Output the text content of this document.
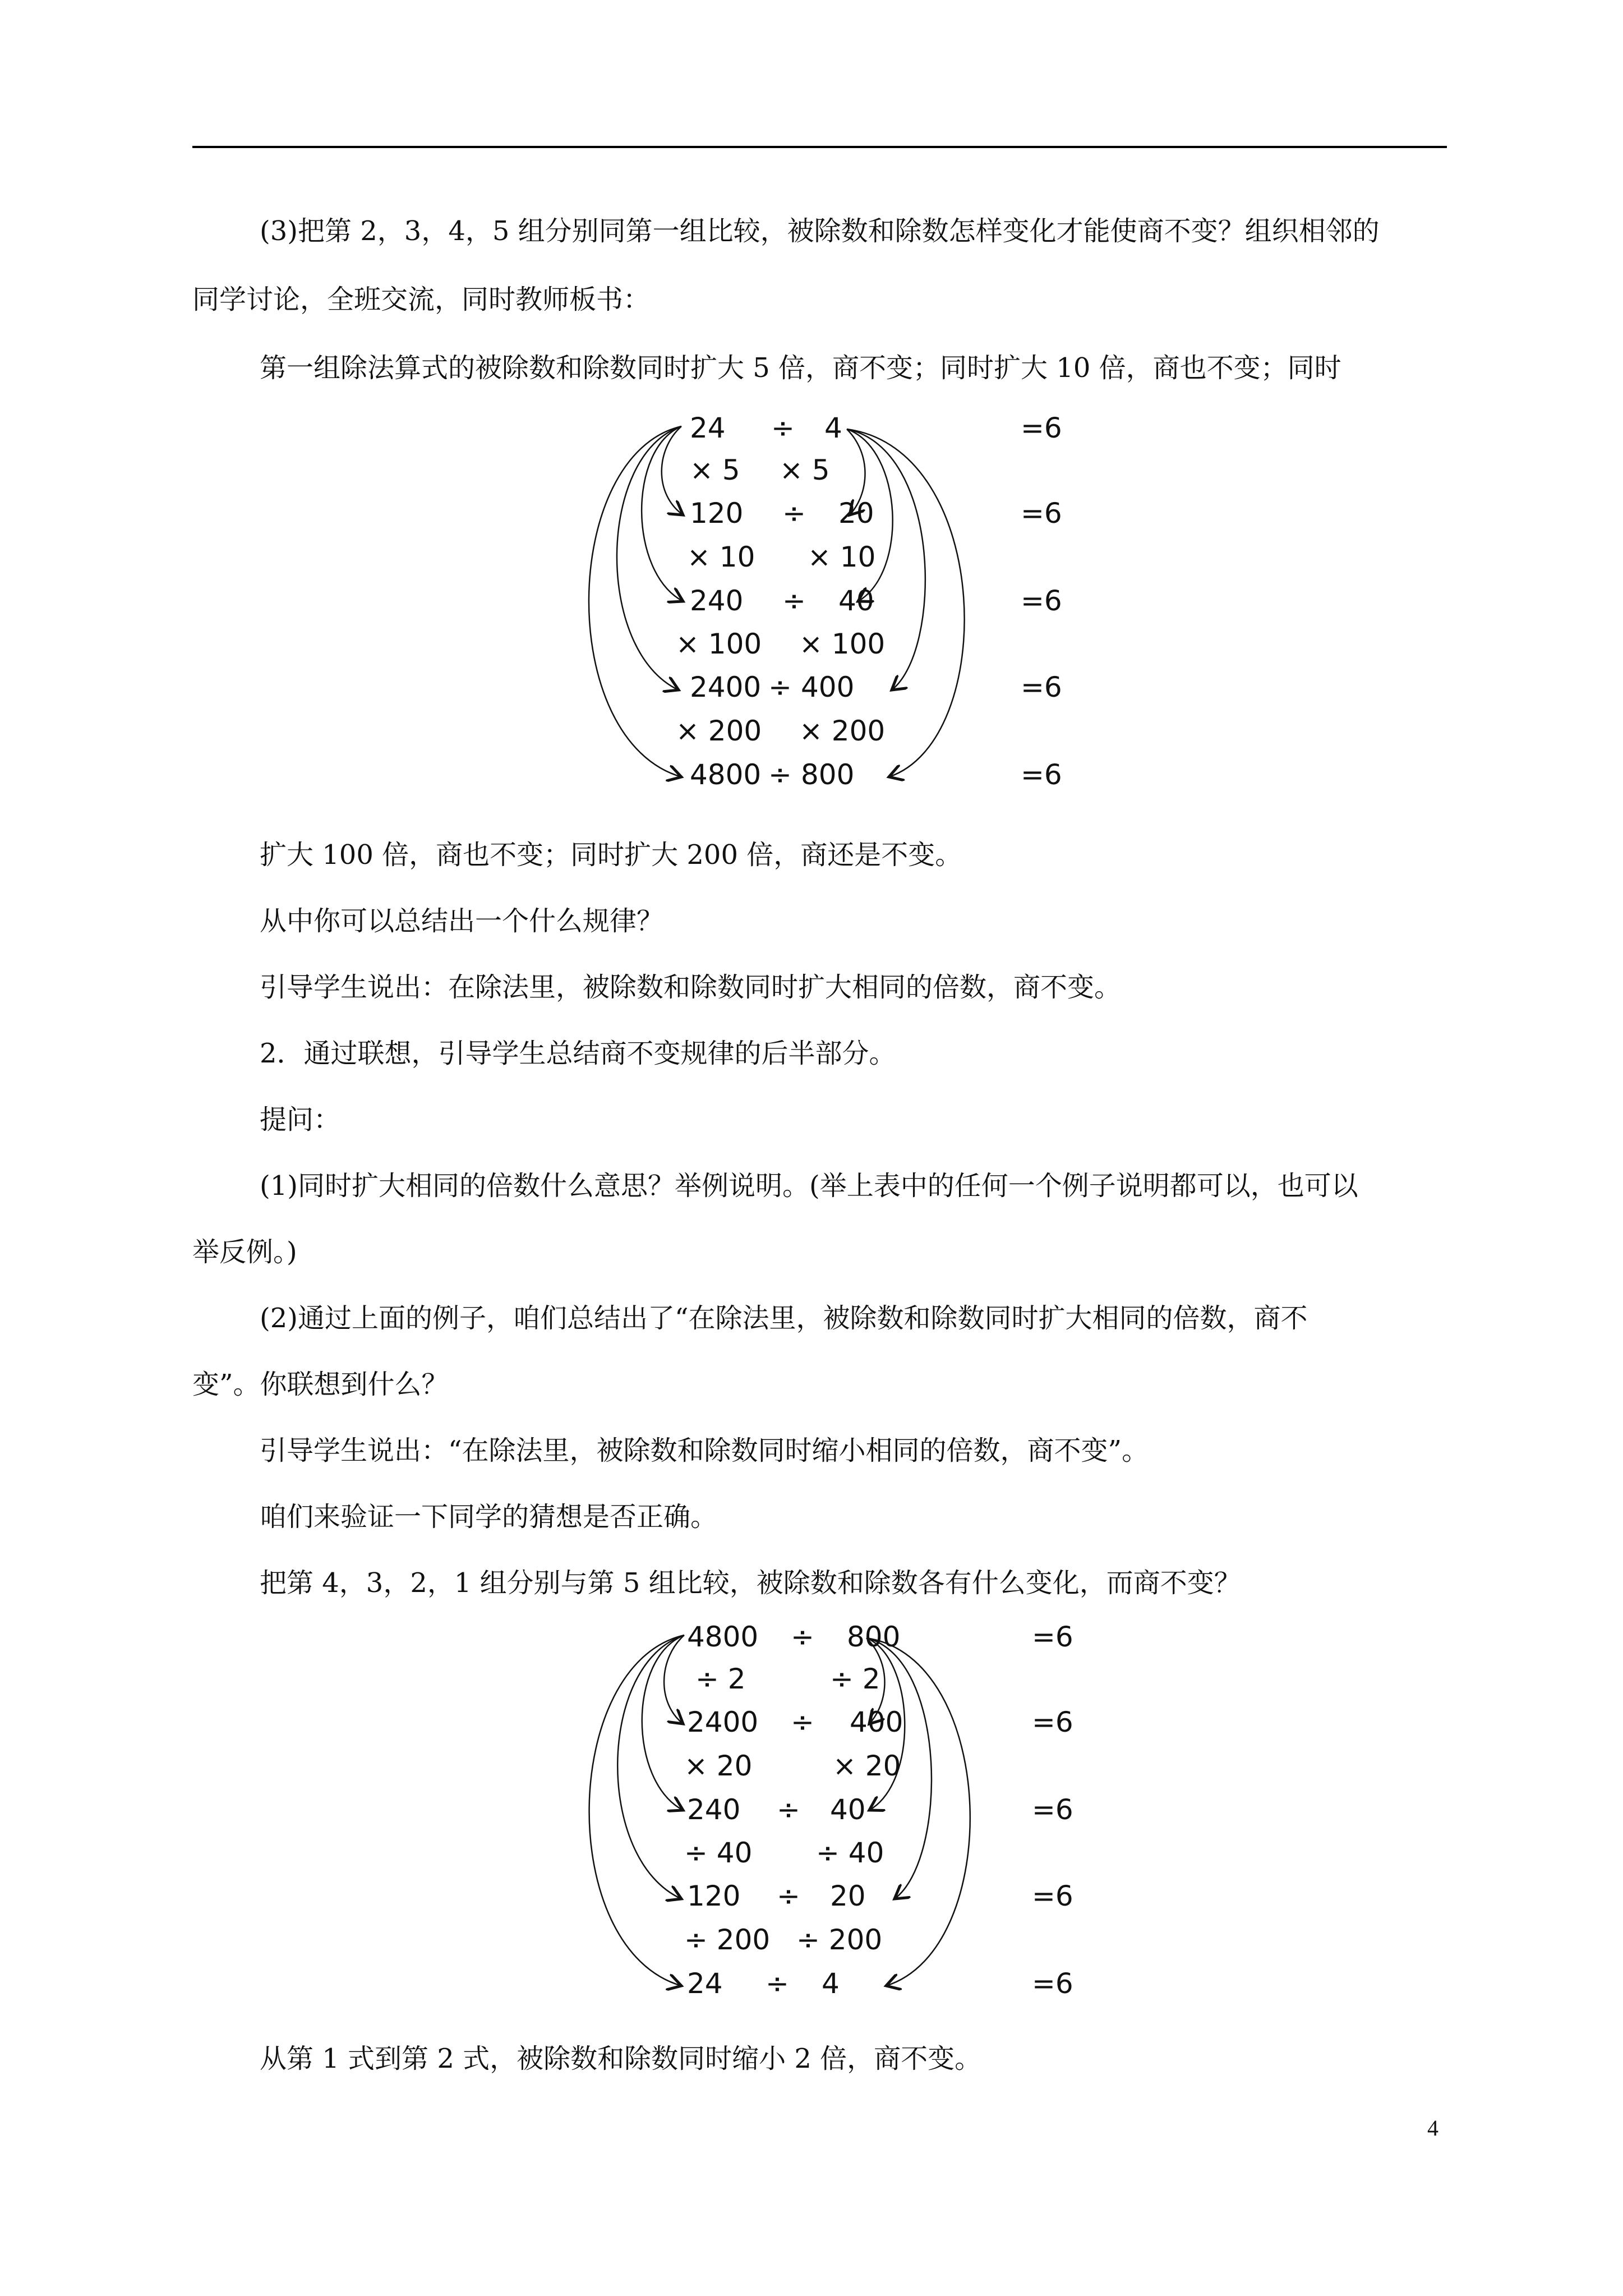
(3)把第 2，3，4，5 组分别同第一组比较，被除数和除数怎样变化才能使商不变？组织相邻的
同学讨论，全班交流，同时教师板书：
第一组除法算式的被除数和除数同时扩大 5 倍，商不变；同时扩大 10 倍，商也不变；同时
24 ÷ 4	=6
× 5 × 5
120 ÷ 20	=6
× 10 × 10
240 ÷ 40	=6
× 100 × 100
2400 ÷ 400	=6
× 200 × 200
4800 ÷ 800	=6
扩大 100 倍，商也不变；同时扩大 200 倍，商还是不变。
从中你可以总结出一个什么规律？
引导学生说出：在除法里，被除数和除数同时扩大相同的倍数，商不变。
2．通过联想，引导学生总结商不变规律的后半部分。
提问：
(1)同时扩大相同的倍数什么意思？举例说明。(举上表中的任何一个例子说明都可以，也可以
举反例。)
(2)通过上面的例子，咱们总结出了“在除法里，被除数和除数同时扩大相同的倍数，商不
变”。你联想到什么？
引导学生说出：“在除法里，被除数和除数同时缩小相同的倍数，商不变”。
咱们来验证一下同学的猜想是否正确。
把第 4，3，2，1 组分别与第 5 组比较，被除数和除数各有什么变化，而商不变？
4800 ÷ 800	=6
÷ 2	÷ 2
2400 ÷ 400	=6
× 20	× 20
240 ÷ 40	=6
÷ 40 ÷ 40
120 ÷ 20	=6
÷ 200 ÷ 200
24 ÷ 4	=6
从第 1 式到第 2 式，被除数和除数同时缩小 2 倍，商不变。
4
